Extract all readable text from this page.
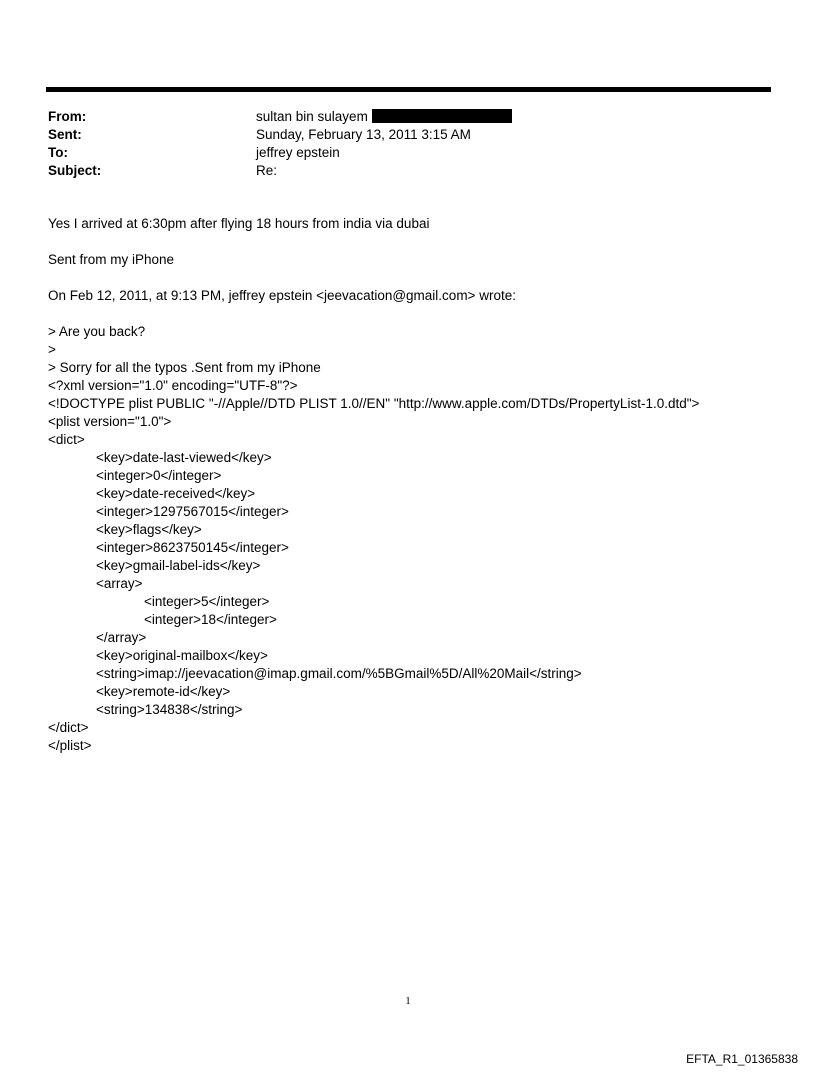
From:	sultan bin sulayem
Sent:	Sunday, February 13, 2011 3:15 AM
To:	jeffrey epstein
Subject:	Re:
Yes I arrived at 6:30pm after flying 18 hours from india via dubai
Sent from my iPhone
On Feb 12, 2011, at 9:13 PM, jeffrey epstein <jeevacation@gmail.com> wrote:
> Are you back?
>
> Sorry for all the typos .Sent from my iPhone
<?xml version="1.0" encoding="UTF-8"?>
<!DOCTYPE plist PUBLIC "-//Apple//DTD PLIST 1.0//EN" "http://www.apple.com/DTDs/PropertyList-1.0.dtd">
<plist version="1.0">
<dict>
<key>date-last-viewed</key>
<integer>0</integer>
<key>date-received</key>
<integer>1297567015</integer>
<key>flags</key>
<integer>8623750145</integer>
<key>gmail-label-ids</key>
<array>
<integer>5</integer>
<integer>18</integer>
</array>
<key>original-mailbox</key>
<string>imap://jeevacation@imap.gmail.com/%5BGmail%5D/All%20Mail</string>
<key>remote-id</key>
<string>134838</string>
</dict>
</plist>
1
EFTA_R1_01365838
